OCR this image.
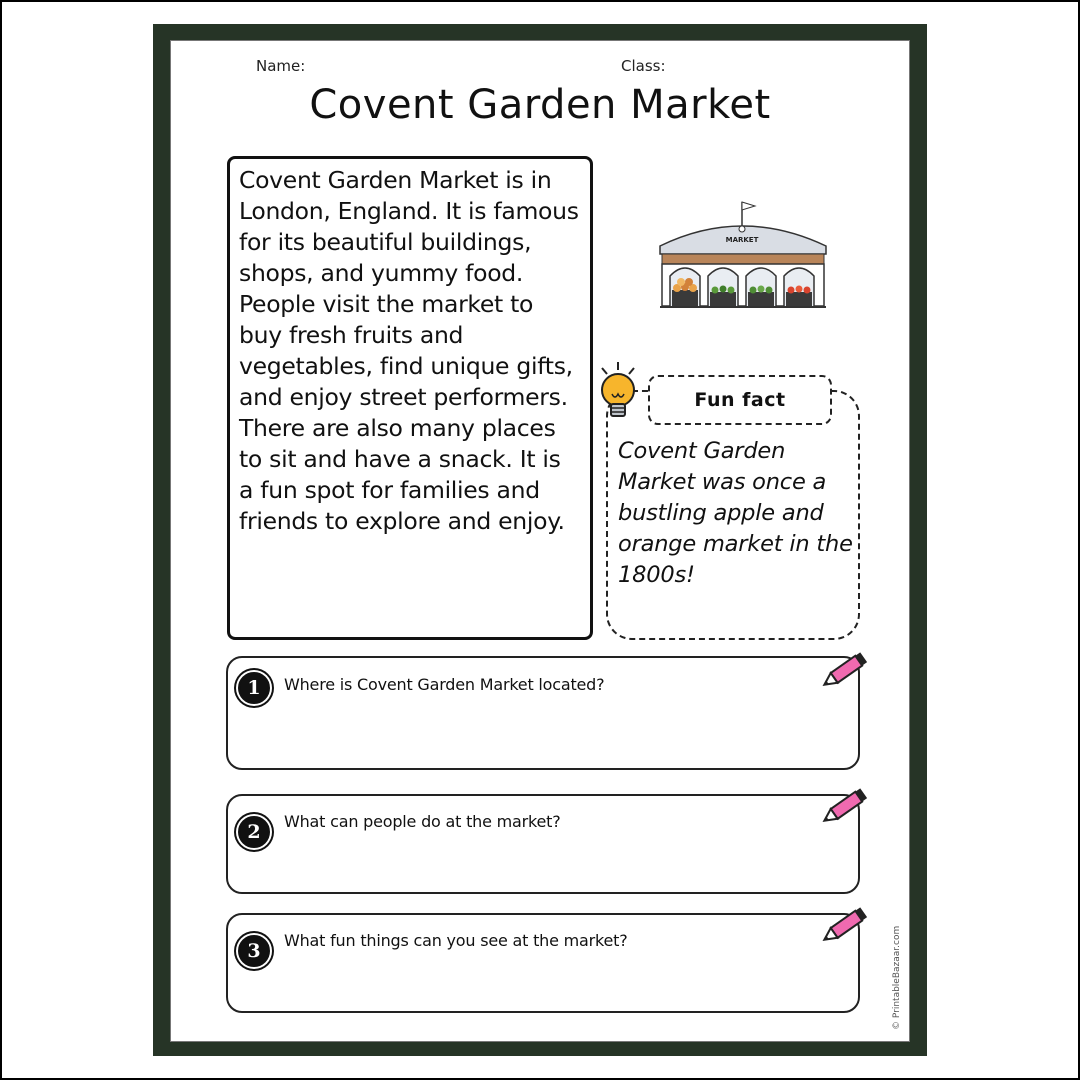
Name:	Class:
Covent Garden Market
Covent Garden Market is in London, England. It is famous for its beautiful buildings, shops, and yummy food. People visit the market to buy fresh fruits and vegetables, find unique gifts, and enjoy street performers. There are also many places to sit and have a snack. It is a fun spot for families and friends to explore and enjoy.
MARKET
Fun fact
Covent Garden Market was once a bustling apple and orange market in the 1800s!
1	Where is Covent Garden Market located?
2	What can people do at the market?
3	What fun things can you see at the market?	© PrintableBazaar.com
